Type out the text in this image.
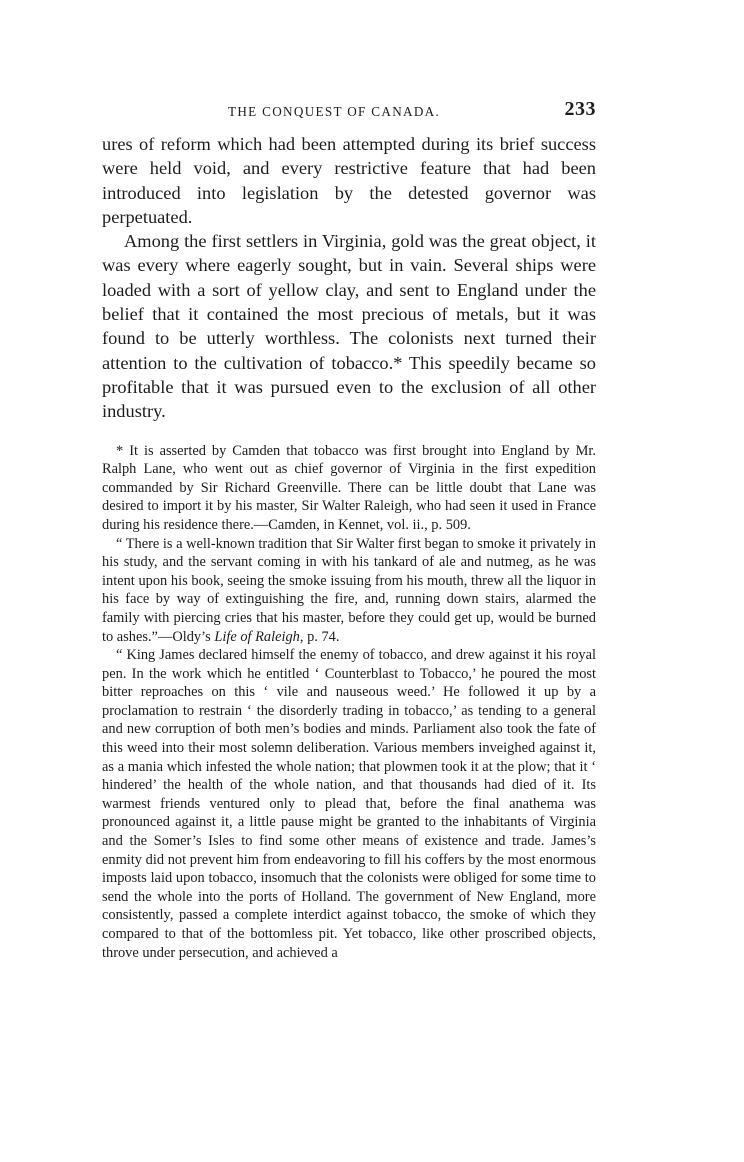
THE CONQUEST OF CANADA.	233

ures of reform which had been attempted during its brief success were held void, and every restrictive feature that had been introduced into legislation by the detested governor was perpetuated.

Among the first settlers in Virginia, gold was the great object, it was every where eagerly sought, but in vain. Several ships were loaded with a sort of yellow clay, and sent to England under the belief that it contained the most precious of metals, but it was found to be utterly worthless. The colonists next turned their attention to the cultivation of tobacco.* This speedily became so profitable that it was pursued even to the exclusion of all other industry.

* It is asserted by Camden that tobacco was first brought into England by Mr. Ralph Lane, who went out as chief governor of Virginia in the first expedition commanded by Sir Richard Greenville. There can be little doubt that Lane was desired to import it by his master, Sir Walter Raleigh, who had seen it used in France during his residence there.—Camden, in Kennet, vol. ii., p. 509.

“ There is a well-known tradition that Sir Walter first began to smoke it privately in his study, and the servant coming in with his tankard of ale and nutmeg, as he was intent upon his book, seeing the smoke issuing from his mouth, threw all the liquor in his face by way of extinguishing the fire, and, running down stairs, alarmed the family with piercing cries that his master, before they could get up, would be burned to ashes.”—Oldy’s Life of Raleigh, p. 74.

“ King James declared himself the enemy of tobacco, and drew against it his royal pen. In the work which he entitled ‘ Counterblast to Tobacco,’ he poured the most bitter reproaches on this ‘ vile and nauseous weed.’ He followed it up by a proclamation to restrain ‘ the disorderly trading in tobacco,’ as tending to a general and new corruption of both men’s bodies and minds. Parliament also took the fate of this weed into their most solemn deliberation. Various members inveighed against it, as a mania which infested the whole nation; that plowmen took it at the plow; that it ‘ hindered’ the health of the whole nation, and that thousands had died of it. Its warmest friends ventured only to plead that, before the final anathema was pronounced against it, a little pause might be granted to the inhabitants of Virginia and the Somer’s Isles to find some other means of existence and trade. James’s enmity did not prevent him from endeavoring to fill his coffers by the most enormous imposts laid upon tobacco, insomuch that the colonists were obliged for some time to send the whole into the ports of Holland. The government of New England, more consistently, passed a complete interdict against tobacco, the smoke of which they compared to that of the bottomless pit. Yet tobacco, like other proscribed objects, throve under persecution, and achieved a
